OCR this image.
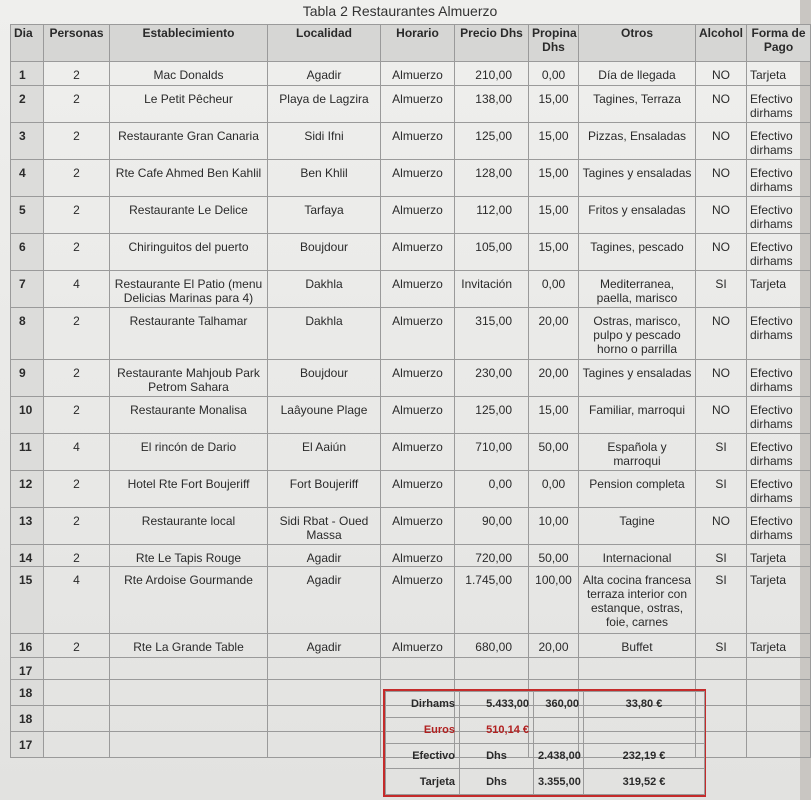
Tabla 2 Restaurantes Almuerzo
Dia	Personas	Establecimiento	Localidad	Horario	Precio Dhs	Propina Dhs	Otros	Alcohol	Forma de Pago
1	2	Mac Donalds	Agadir	Almuerzo	210,00	0,00	Día de llegada	NO	Tarjeta
2	2	Le Petit Pêcheur	Playa de Lagzira	Almuerzo	138,00	15,00	Tagines, Terraza	NO	Efectivo dirhams
3	2	Restaurante Gran Canaria	Sidi Ifni	Almuerzo	125,00	15,00	Pizzas, Ensaladas	NO	Efectivo dirhams
4	2	Rte Cafe Ahmed Ben Kahlil	Ben Khlil	Almuerzo	128,00	15,00	Tagines y ensaladas	NO	Efectivo dirhams
5	2	Restaurante Le Delice	Tarfaya	Almuerzo	112,00	15,00	Fritos y ensaladas	NO	Efectivo dirhams
6	2	Chiringuitos del puerto	Boujdour	Almuerzo	105,00	15,00	Tagines, pescado	NO	Efectivo dirhams
7	4	Restaurante El Patio (menu Delicias Marinas para 4)	Dakhla	Almuerzo	Invitación	0,00	Mediterranea, paella, marisco	SI	Tarjeta
8	2	Restaurante Talhamar	Dakhla	Almuerzo	315,00	20,00	Ostras, marisco, pulpo y pescado horno o parrilla	NO	Efectivo dirhams
9	2	Restaurante Mahjoub Park Petrom Sahara	Boujdour	Almuerzo	230,00	20,00	Tagines y ensaladas	NO	Efectivo dirhams
10	2	Restaurante Monalisa	Laâyoune Plage	Almuerzo	125,00	15,00	Familiar, marroqui	NO	Efectivo dirhams
11	4	El rincón de Dario	El Aaiún	Almuerzo	710,00	50,00	Española y marroqui	SI	Efectivo dirhams
12	2	Hotel Rte Fort Boujeriff	Fort Boujeriff	Almuerzo	0,00	0,00	Pension completa	SI	Efectivo dirhams
13	2	Restaurante local	Sidi Rbat - Oued Massa	Almuerzo	90,00	10,00	Tagine	NO	Efectivo dirhams
14	2	Rte Le Tapis Rouge	Agadir	Almuerzo	720,00	50,00	Internacional	SI	Tarjeta
15	4	Rte Ardoise Gourmande	Agadir	Almuerzo	1.745,00	100,00	Alta cocina francesa terraza interior con estanque, ostras, foie, carnes	SI	Tarjeta
16	2	Rte La Grande Table	Agadir	Almuerzo	680,00	20,00	Buffet	SI	Tarjeta
17									
18									
18									
17									
Dirhams	5.433,00	360,00	33,80 €
Euros	510,14 €		
Efectivo	Dhs	2.438,00	232,19 €
Tarjeta	Dhs	3.355,00	319,52 €
